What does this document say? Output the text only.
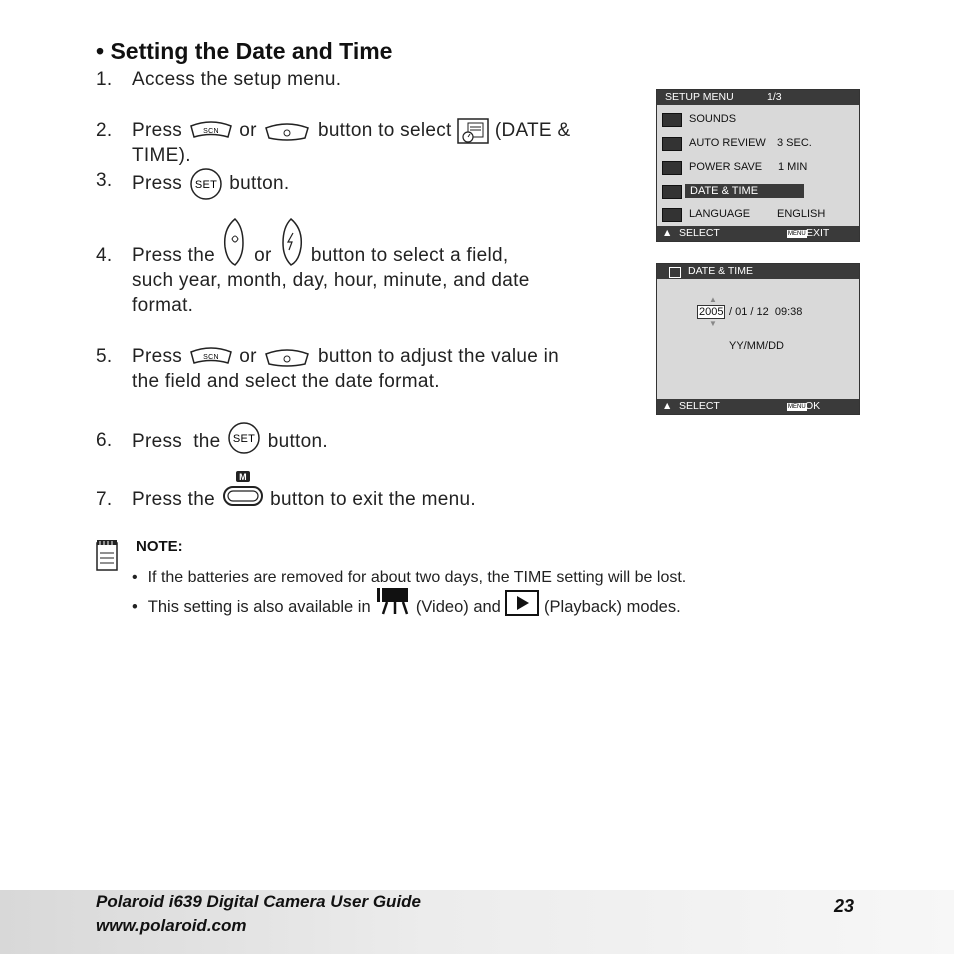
• Setting the Date and Time
1. Access the setup menu.
2. Press	SCN or	button to select (DATE &
TIME).
3. Press SET button.
4. Press the or button to select a field,
such year, month, day, hour, minute, and date
format.
5. Press	SCN or	button to adjust the value in
the field and select the date format.
6. Press  the SET button.
7. Press the
M
button to exit the menu.
SETUP MENU	1/3
SOUNDS
AUTO REVIEW 3 SEC.
POWER SAVE 1 MIN
DATE & TIME
LANGUAGE ENGLISH
▲ SELECT	MENU EXIT
DATE & TIME
▲
2005 / 01 / 12  09:38
▼
YY/MM/DD
▲ SELECT	MENU OK
NOTE:
• If the batteries are removed for about two days, the TIME setting will be lost.
• This setting is also available in	(Video) and	(Playback) modes.
Polaroid i639 Digital Camera User Guide
www.polaroid.com
23
